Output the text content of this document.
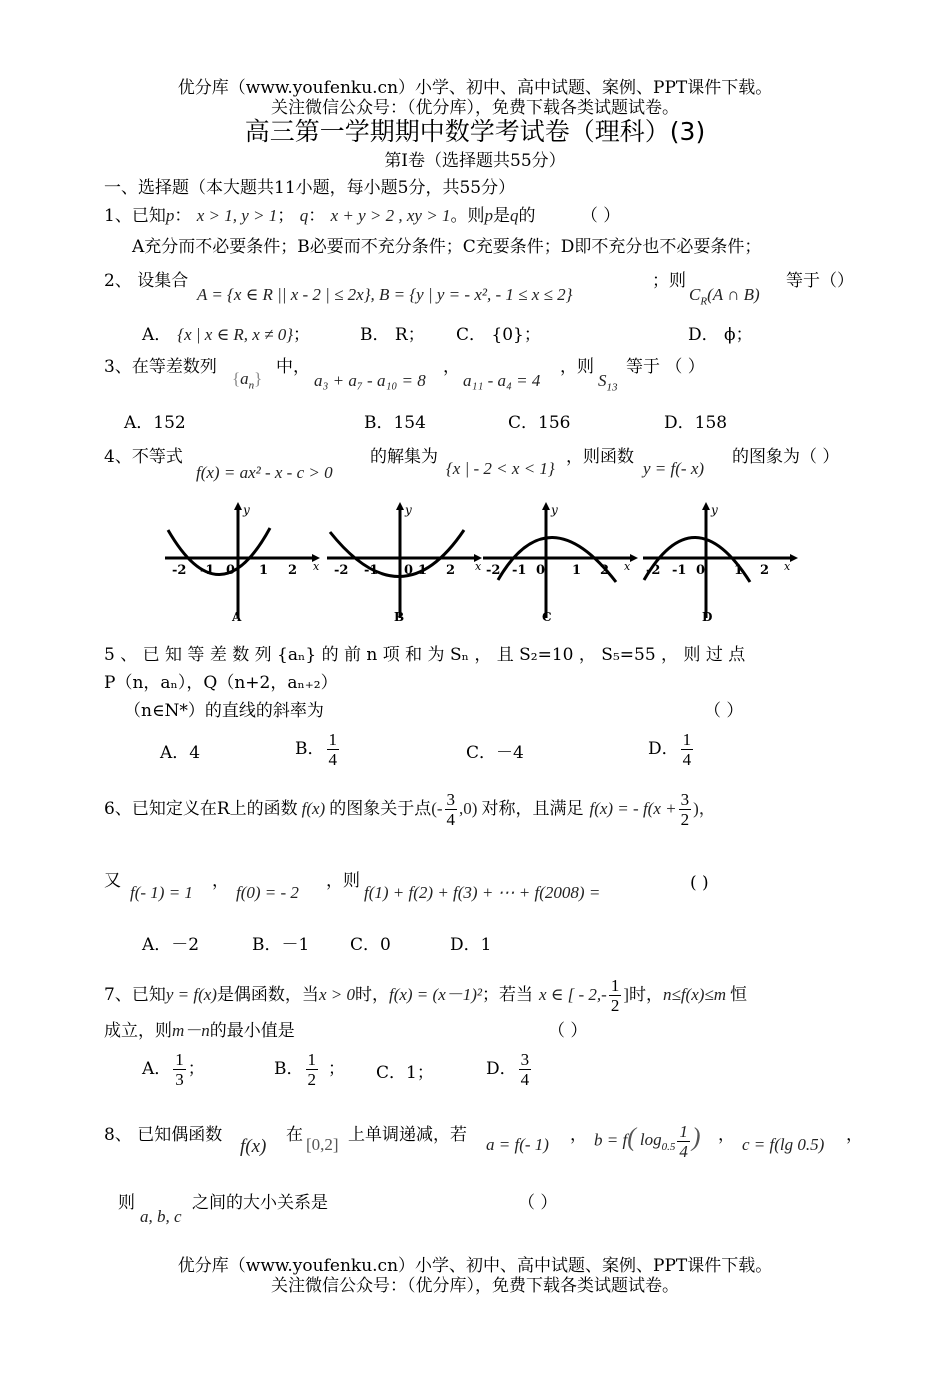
优分库（www.youfenku.cn）小学、初中、高中试题、案例、PPT课件下载。
关注微信公众号：（优分库），免费下载各类试题试卷。
高三第一学期期中数学考试卷（理科）(3)
第Ⅰ卷（选择题共55分）
一、选择题（本大题共11小题，每小题5分，共55分）
1、已知p： x > 1, y > 1； q： x + y > 2 , xy > 1。则p是q的	（ ）
A充分而不必要条件；B必要而不充分条件；C充要条件；D即不充分也不必要条件；
2、 设集合
A = {x ∈ R || x - 2 | ≤ 2x}, B = {y | y = - x², - 1 ≤ x ≤ 2}
；则
$C_R(A$ ∩ B)
等于（）
A． {x | x ∈ R, x ≠ 0}；	B． R； C． {0}；	D． ϕ；
3、在等差数列
$\{a_n\}$
中，
a₃ + a₇ - a₁₀ = 8
，
a₁₁ - a₄ = 4
，则
$S_{13}$
等于 （ ）
A．152	B．154	C．156	D．158
4、不等式
f(x) = ax² - x - c > 0
的解集为
{x | - 2 < x < 1}
，则函数
y = f(- x)
的图象为（ ）
y
x
-2 -1 0 1 2
A
y
x
-2 -1 0 1 2
B
y
x
-2 -1 0 1 2
C
y
x
-2 -1 0 1 2
D
5 、 已 知 等 差 数 列 {aₙ} 的 前 n 项 和 为 Sₙ ， 且 S₂=10 ， S₅=55 ， 则 过 点
P（n，aₙ），Q（n+2，aₙ₊₂）
（n∈N*）的直线的斜率为	（ ）
A．4	B． $\frac{1}{4}$	C．－4	D． $\frac{1}{4}$
6、已知定义在R上的函数 f(x) 的图象关于点(- $\frac{3}{4} ,0$) 对称，且满足 f(x) = - $f(x + \frac{3}{2}$ )，
又
f(- 1) = 1
，
f(0) = - 2
，则
f(1) + f(2) + f(3) + ⋯ + f(2008) =	( )
A．－2	B．－1 C．0	D．1
7、已知y = f(x)是偶函数，当x > 0时，f(x) = (x－1)²；若当 x ∈ [ - $2,- \frac{1}{2}$ ]时，n≤f(x)≤m 恒
成立，则m－n的最小值是	（ ）
A． $\frac{1}{3}$ ；	B． $\frac{1}{2}$ ； C．1；	D． $\frac{3}{4}$
8、 已知偶函数
f(x)
在 [0,2] 上单调递减，若 a = f(- 1) ， b = f( $\log_{0.5} \frac{1}{4}$ ) ， c = f(lg 0.5) ，
则
a, b, c
之间的大小关系是	（ ）
优分库（www.youfenku.cn）小学、初中、高中试题、案例、PPT课件下载。
关注微信公众号：（优分库），免费下载各类试题试卷。
